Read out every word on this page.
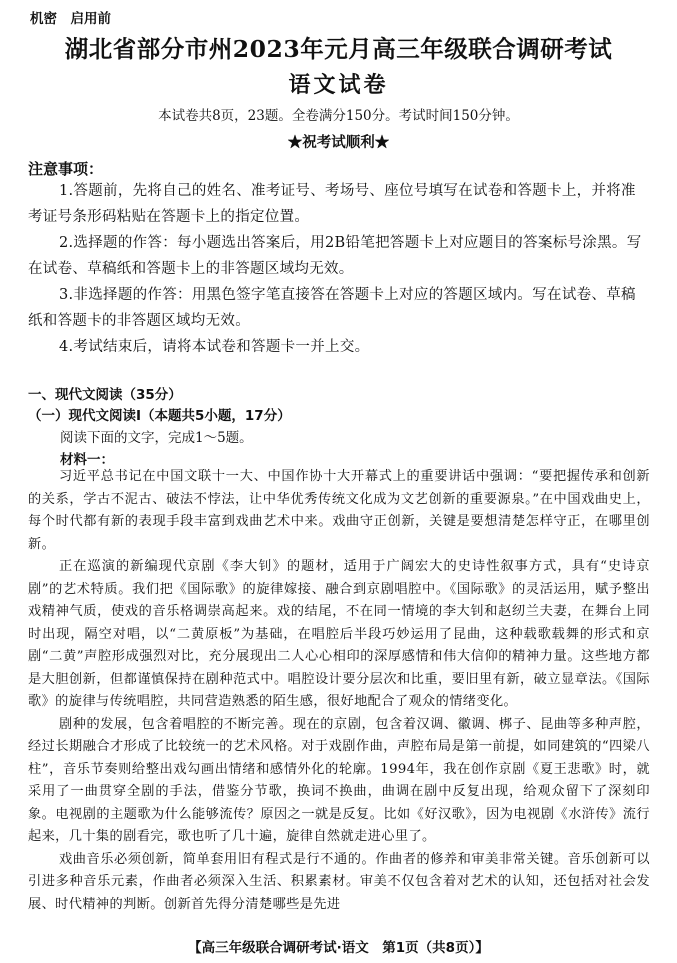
机密　启用前
湖北省部分市州2023年元月高三年级联合调研考试
语文试卷
本试卷共8页，23题。全卷满分150分。考试时间150分钟。
★祝考试顺利★
注意事项：

1.答题前，先将自己的姓名、准考证号、考场号、座位号填写在试卷和答题卡上，并将准考证号条形码粘贴在答题卡上的指定位置。

2.选择题的作答：每小题选出答案后，用2B铅笔把答题卡上对应题目的答案标号涂黑。写在试卷、草稿纸和答题卡上的非答题区域均无效。

3.非选择题的作答：用黑色签字笔直接答在答题卡上对应的答题区域内。写在试卷、草稿纸和答题卡的非答题区域均无效。

4.考试结束后，请将本试卷和答题卡一并上交。

一、现代文阅读（35分）
（一）现代文阅读Ⅰ（本题共5小题，17分）
阅读下面的文字，完成1～5题。
材料一：

习近平总书记在中国文联十一大、中国作协十大开幕式上的重要讲话中强调：“要把握传承和创新的关系，学古不泥古、破法不悖法，让中华优秀传统文化成为文艺创新的重要源泉。”在中国戏曲史上，每个时代都有新的表现手段丰富到戏曲艺术中来。戏曲守正创新，关键是要想清楚怎样守正，在哪里创新。

正在巡演的新编现代京剧《李大钊》的题材，适用于广阔宏大的史诗性叙事方式，具有“史诗京剧”的艺术特质。我们把《国际歌》的旋律嫁接、融合到京剧唱腔中。《国际歌》的灵活运用，赋予整出戏精神气质，使戏的音乐格调崇高起来。戏的结尾，不在同一情境的李大钊和赵纫兰夫妻，在舞台上同时出现，隔空对唱，以“二黄原板”为基础，在唱腔后半段巧妙运用了昆曲，这种载歌载舞的形式和京剧“二黄”声腔形成强烈对比，充分展现出二人心心相印的深厚感情和伟大信仰的精神力量。这些地方都是大胆创新，但都谨慎保持在剧种范式中。唱腔设计要分层次和比重，要旧里有新，破立显章法。《国际歌》的旋律与传统唱腔，共同营造熟悉的陌生感，很好地配合了观众的情绪变化。

剧种的发展，包含着唱腔的不断完善。现在的京剧，包含着汉调、徽调、梆子、昆曲等多种声腔，经过长期融合才形成了比较统一的艺术风格。对于戏剧作曲，声腔布局是第一前提，如同建筑的“四梁八柱”，音乐节奏则给整出戏勾画出情绪和感情外化的轮廓。1994年，我在创作京剧《夏王悲歌》时，就采用了一曲贯穿全剧的手法，借鉴分节歌，换词不换曲，曲调在剧中反复出现，给观众留下了深刻印象。电视剧的主题歌为什么能够流传？原因之一就是反复。比如《好汉歌》，因为电视剧《水浒传》流行起来，几十集的剧看完，歌也听了几十遍，旋律自然就走进心里了。

戏曲音乐必须创新，简单套用旧有程式是行不通的。作曲者的修养和审美非常关键。音乐创新可以引进多种音乐元素，作曲者必须深入生活、积累素材。审美不仅包含着对艺术的认知，还包括对社会发展、时代精神的判断。创新首先得分清楚哪些是先进

【高三年级联合调研考试·语文　第1页（共8页）】
